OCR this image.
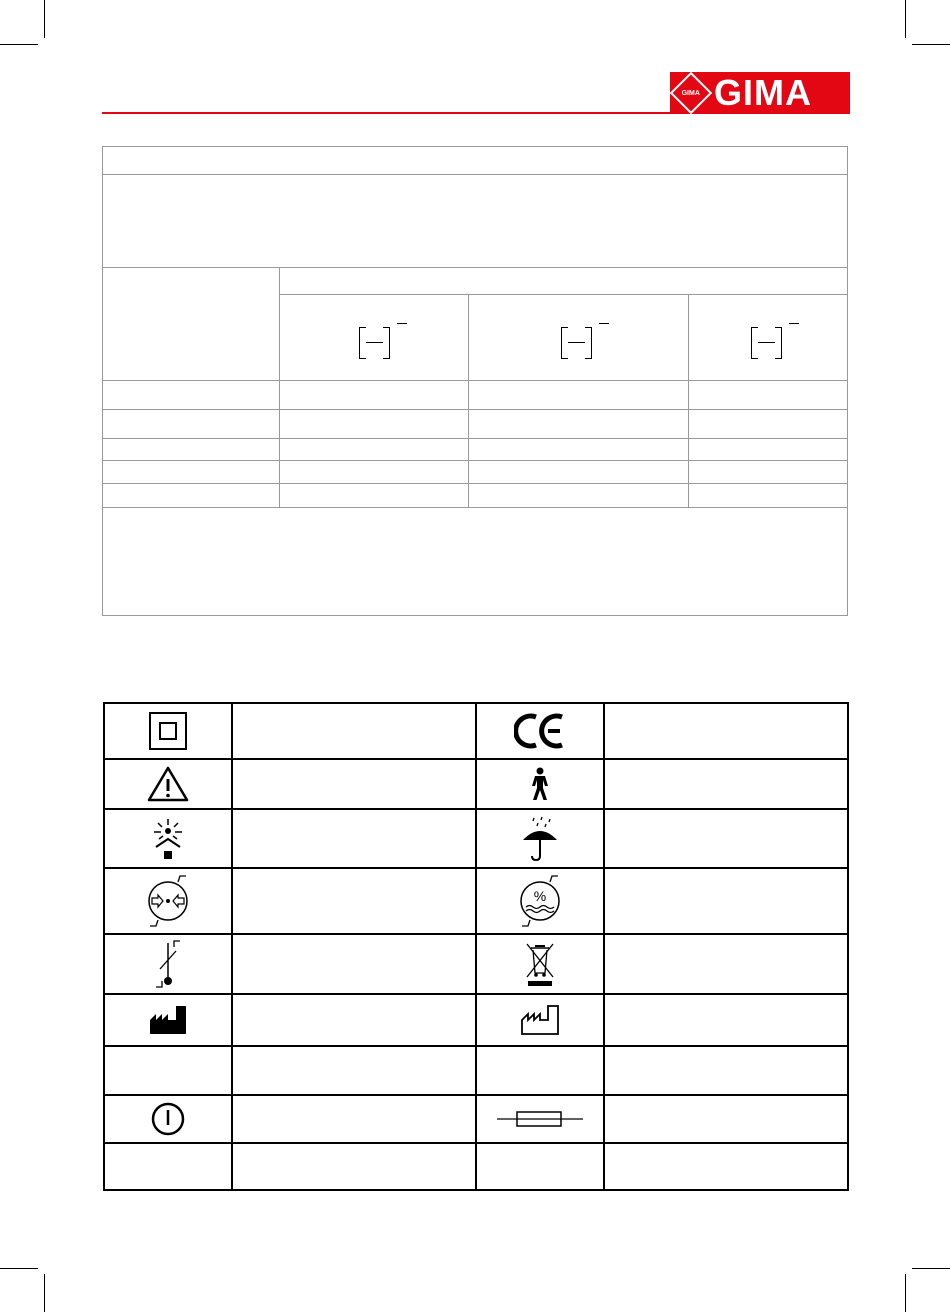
GIMA GIMA
%
